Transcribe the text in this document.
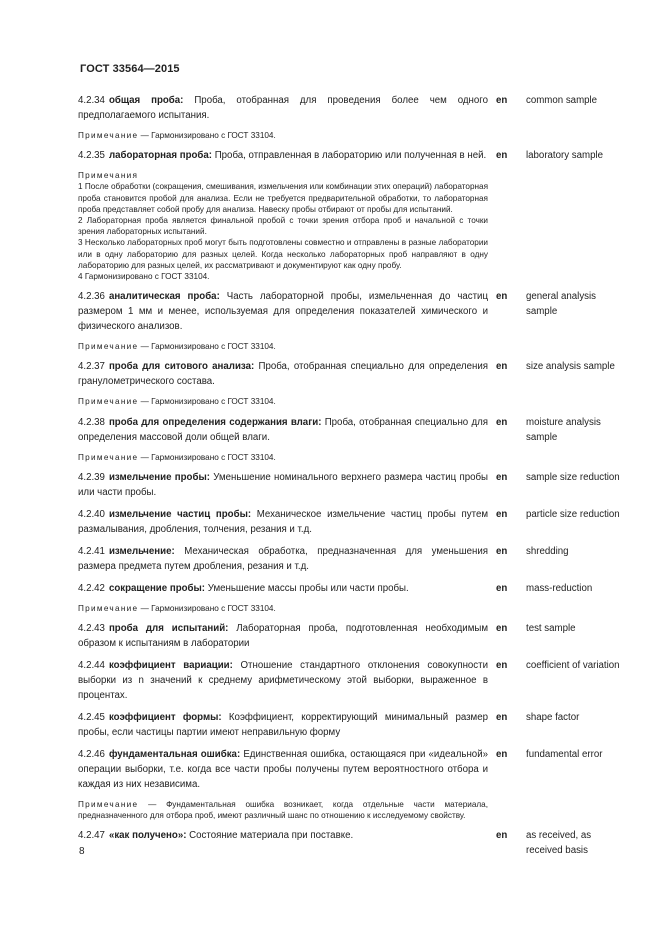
ГОСТ 33564—2015
4.2.34 общая проба: Проба, отобранная для проведения более чем одного предполагаемого испытания.
en	common sample
Примечание — Гармонизировано с ГОСТ 33104.
4.2.35 лабораторная проба: Проба, отправленная в лабораторию или полученная в ней. en	laboratory sample
Примечания
1 После обработки (сокращения, смешивания, измельчения или комбинации этих операций) лабораторная проба становится пробой для анализа. Если не требуется предварительной обработки, то лабораторная проба представляет собой пробу для анализа. Навеску пробы отбирают от пробы для испытаний.
2 Лабораторная проба является финальной пробой с точки зрения отбора проб и начальной с точки зрения лабораторных испытаний.
3 Несколько лабораторных проб могут быть подготовлены совместно и отправлены в разные лаборатории или в одну лабораторию для разных целей. Когда несколько лабораторных проб направляют в одну лабораторию для разных целей, их рассматривают и документируют как одну пробу.
4 Гармонизировано с ГОСТ 33104.
4.2.36 аналитическая проба: Часть лабораторной пробы, измельченная до частиц размером 1 мм и менее, используемая для определения показателей химического и физического анализов.
en	general analysis sample
Примечание — Гармонизировано с ГОСТ 33104.
4.2.37 проба для ситового анализа: Проба, отобранная специально для определения гранулометрического состава.
en	size analysis sample
Примечание — Гармонизировано с ГОСТ 33104.
4.2.38 проба для определения содержания влаги: Проба, отобранная специально для определения массовой доли общей влаги.
en	moisture analysis sample
Примечание — Гармонизировано с ГОСТ 33104.
4.2.39 измельчение пробы: Уменьшение номинального верхнего размера частиц пробы или части пробы.
en	sample size reduction
4.2.40 измельчение частиц пробы: Механическое измельчение частиц пробы путем размалывания, дробления, толчения, резания и т.д.
en	particle size reduction
4.2.41 измельчение: Механическая обработка, предназначенная для уменьшения размера предмета путем дробления, резания и т.д.
en	shredding
4.2.42 сокращение пробы: Уменьшение массы пробы или части пробы.	en	mass-reduction
Примечание — Гармонизировано с ГОСТ 33104.
4.2.43 проба для испытаний: Лабораторная проба, подготовленная необходимым образом к испытаниям в лаборатории
en	test sample
4.2.44 коэффициент вариации: Отношение стандартного отклонения совокупности выборки из n значений к среднему арифметическому этой выборки, выраженное в процентах.
en	coefficient of variation
4.2.45 коэффициент формы: Коэффициент, корректирующий минимальный размер пробы, если частицы партии имеют неправильную форму
en	shape factor
4.2.46 фундаментальная ошибка: Единственная ошибка, остающаяся при «идеальной» операции выборки, т.е. когда все части пробы получены путем вероятностного отбора и каждая из них независима.
en	fundamental error
Примечание — Фундаментальная ошибка возникает, когда отдельные части материала, предназначенного для отбора проб, имеют различный шанс по отношению к исследуемому свойству.
4.2.47 «как получено»: Состояние материала при поставке.	en	as received, as received basis
8
